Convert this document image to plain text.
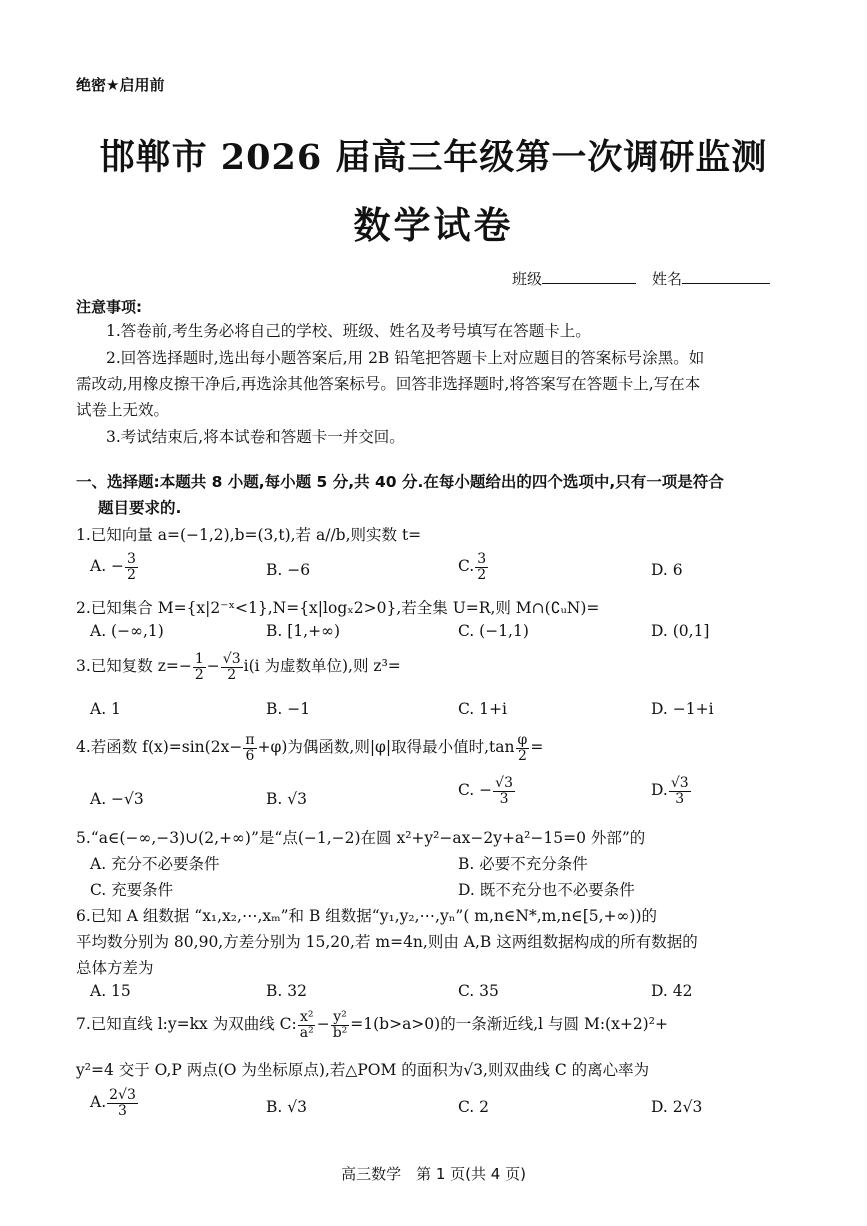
绝密★启用前
邯郸市 2026 届高三年级第一次调研监测
数学试卷
班级	姓名
注意事项:
1.答卷前,考生务必将自己的学校、班级、姓名及考号填写在答题卡上。
2.回答选择题时,选出每小题答案后,用 2B 铅笔把答题卡上对应题目的答案标号涂黑。如
需改动,用橡皮擦干净后,再选涂其他答案标号。回答非选择题时,将答案写在答题卡上,写在本
试卷上无效。
3.考试结束后,将本试卷和答题卡一并交回。
一、选择题:本题共 8 小题,每小题 5 分,共 40 分.在每小题给出的四个选项中,只有一项是符合
题目要求的.
1.已知向量 a=(−1,2),b=(3,t),若 a//b,则实数 t=
A. − $\frac{3}{2}$	B. −6	C. $\frac{3}{2}$	D. 6
2.已知集合 M={x|2⁻ˣ<1},N={x|logₓ2>0},若全集 U=R,则 M∩(∁ᵤN)=
A. (−∞,1)	B. [1,+∞)	C. (−1,1)	D. (0,1]
3.已知复数 $z=- \frac{1}{2} - \frac{√3}{2} i(i$ 为虚数单位),则 z³=
A. 1	B. −1	C. 1+i	D. −1+i
4.若函数 $f(x)=\sin(2x- \frac{\pi}{6} +\varphi)$为偶函数,则|φ|取得最小值时$,\tan \frac{\varphi}{2}$ =
A. −√3	B. √3	C. − $\frac{√3}{3}$	D. $\frac{√3}{3}$
5.“a∈(−∞,−3)∪(2,+∞)”是“点(−1,−2)在圆 x²+y²−ax−2y+a²−15=0 外部”的
A. 充分不必要条件	B. 必要不充分条件
C. 充要条件	D. 既不充分也不必要条件
6.已知 A 组数据 “x₁,x₂,⋯,xₘ”和 B 组数据“y₁,y₂,⋯,yₙ”( m,n∈N*,m,n∈[5,+∞))的
平均数分别为 80,90,方差分别为 15,20,若 m=4n,则由 A,B 这两组数据构成的所有数据的
总体方差为
A. 15	B. 32	C. 35	D. 42
7.已知直线 l:y=kx 为双曲线 C: $\frac{\text{x²}}{\text{a²}} - \frac{\text{y²}}{\text{b²}} =1(b>a>0)$的一条渐近线,l 与圆 M:(x+2)²+
y²=4 交于 O,P 两点(O 为坐标原点),若△POM 的面积为√3,则双曲线 C 的离心率为
A. $\frac{2√3}{3}$	B. √3	C. 2	D. 2√3
高三数学　第 1 页(共 4 页)
